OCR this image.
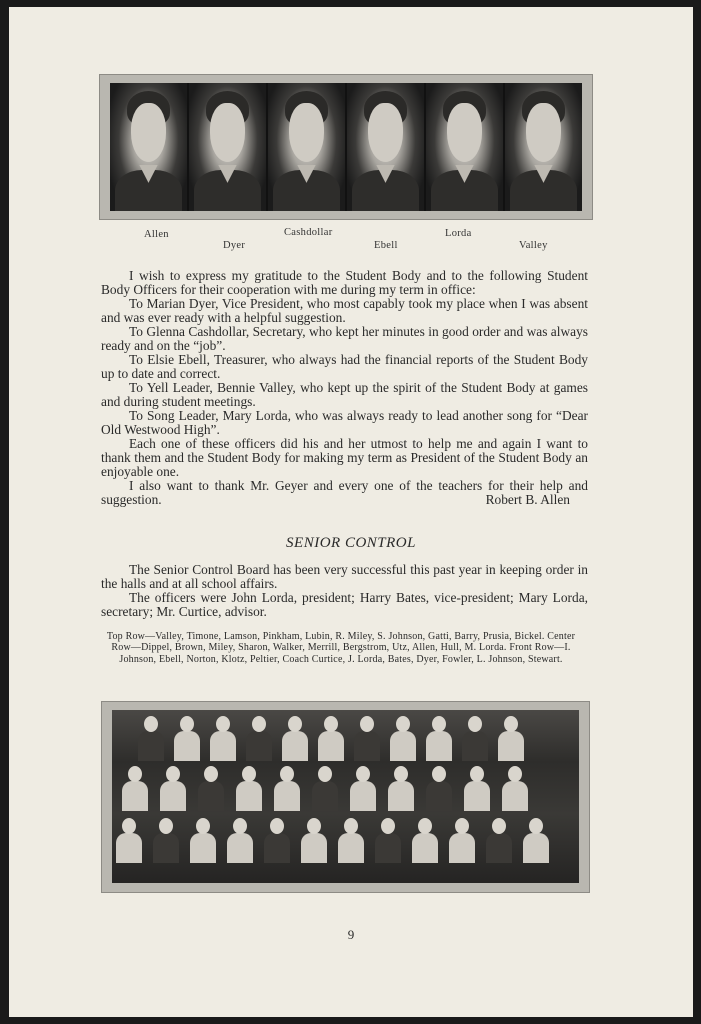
Allen
Dyer
Cashdollar
Ebell
Lorda
Valley

I wish to express my gratitude to the Student Body and to the following Student Body Officers for their cooperation with me during my term in office:

To Marian Dyer, Vice President, who most capably took my place when I was absent and was ever ready with a helpful suggestion.

To Glenna Cashdollar, Secretary, who kept her minutes in good order and was always ready and on the “job”.

To Elsie Ebell, Treasurer, who always had the financial reports of the Student Body up to date and correct.

To Yell Leader, Bennie Valley, who kept up the spirit of the Student Body at games and during student meetings.

To Song Leader, Mary Lorda, who was always ready to lead another song for “Dear Old Westwood High”.

Each one of these officers did his and her utmost to help me and again I want to thank them and the Student Body for making my term as President of the Student Body an enjoyable one.

I also want to thank Mr. Geyer and every one of the teachers for their help and suggestion.	Robert B. Allen

SENIOR CONTROL

The Senior Control Board has been very successful this past year in keeping order in the halls and at all school affairs.

The officers were John Lorda, president; Harry Bates, vice-president; Mary Lorda, secretary; Mr. Curtice, advisor.

Top Row—Valley, Timone, Lamson, Pinkham, Lubin, R. Miley, S. Johnson, Gatti, Barry, Prusia, Bickel. Center Row—Dippel, Brown, Miley, Sharon, Walker, Merrill, Bergstrom, Utz, Allen, Hull, M. Lorda. Front Row—I. Johnson, Ebell, Norton, Klotz, Peltier, Coach Curtice, J. Lorda, Bates, Dyer, Fowler, L. Johnson, Stewart.
9
